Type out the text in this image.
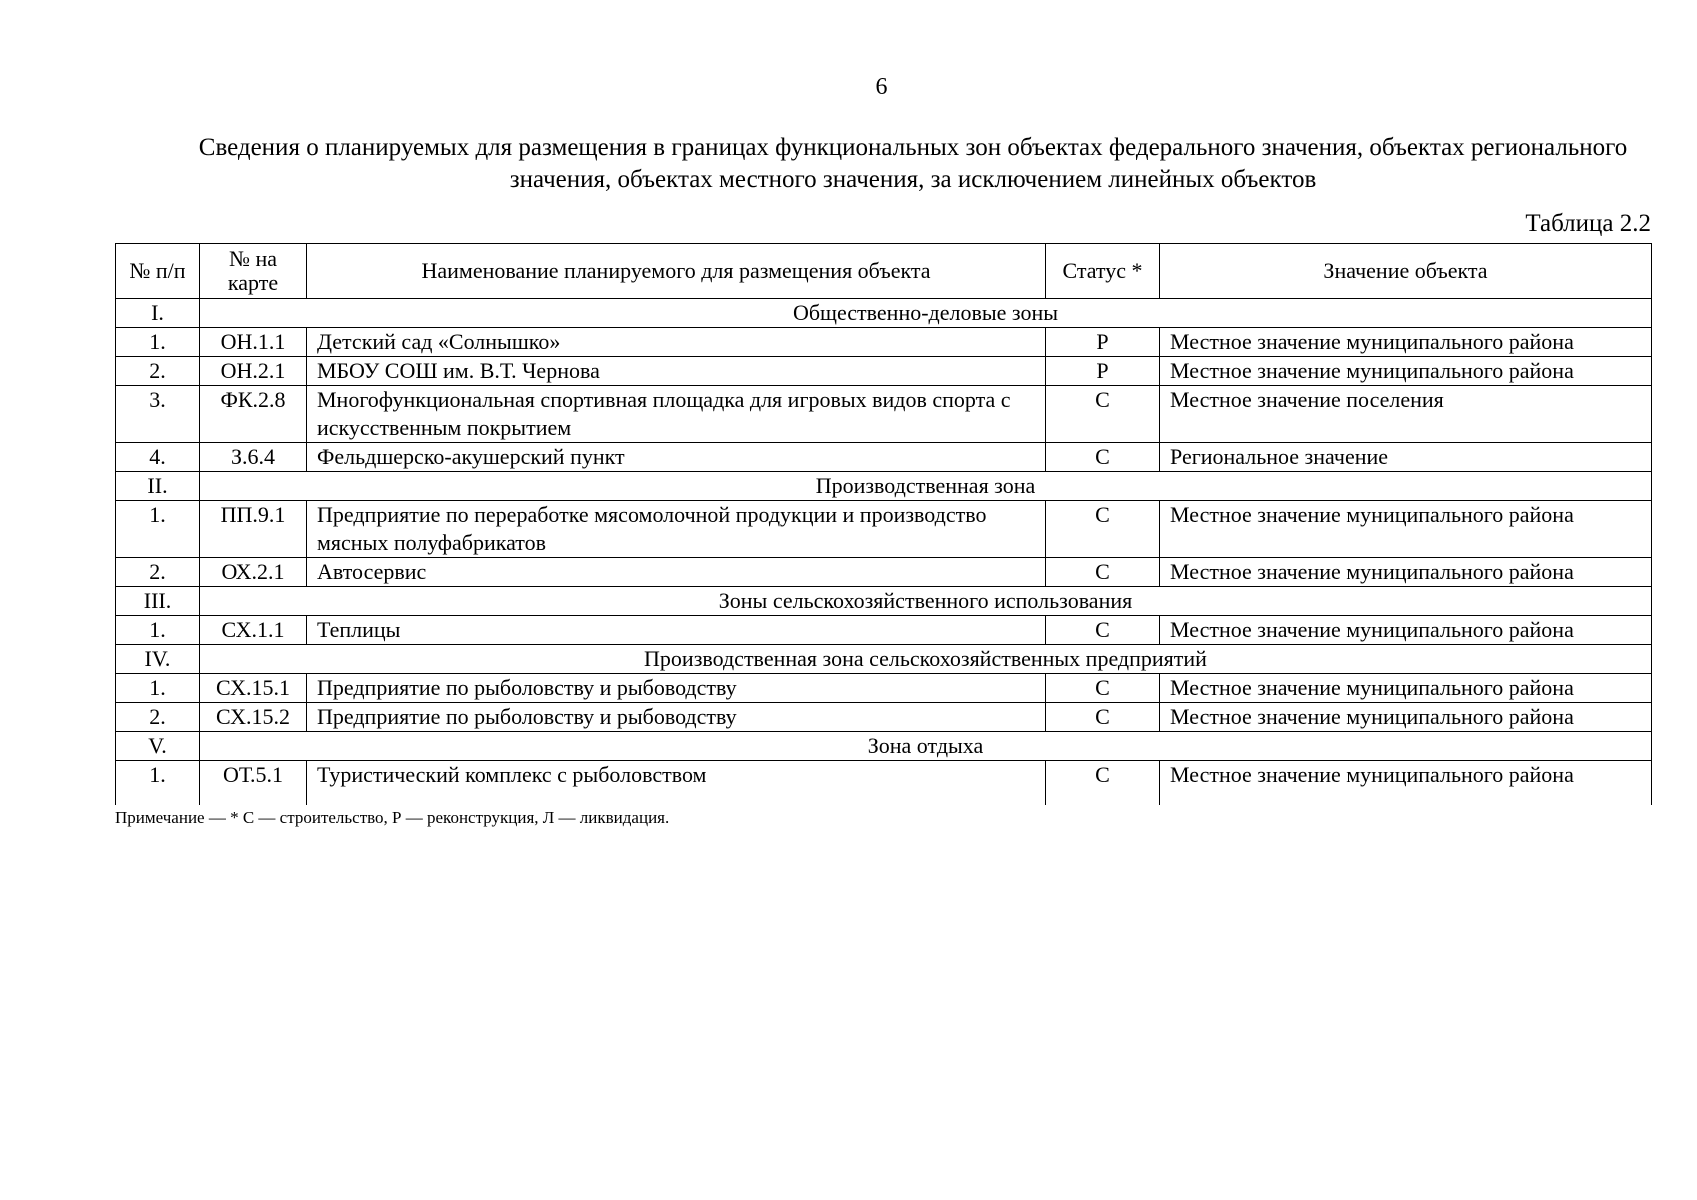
6
Сведения о планируемых для размещения в границах функциональных зон объектах федерального значения, объектах регионального значения, объектах местного значения, за исключением линейных объектов
Таблица 2.2
№ п/п	№ на карте	Наименование планируемого для размещения объекта	Статус *	Значение объекта
I.	Общественно-деловые зоны			
1.	ОН.1.1	Детский сад «Солнышко»	Р	Местное значение муниципального района
2.	ОН.2.1	МБОУ СОШ им. В.Т. Чернова	Р	Местное значение муниципального района
3.	ФК.2.8	Многофункциональная спортивная площадка для игровых видов спорта с искусственным покрытием	С	Местное значение поселения
4.	З.6.4	Фельдшерско-акушерский пункт	С	Региональное значение
II.	Производственная зона			
1.	ПП.9.1	Предприятие по переработке мясомолочной продукции и производство мясных полуфабрикатов	С	Местное значение муниципального района
2.	ОХ.2.1	Автосервис	С	Местное значение муниципального района
III.	Зоны сельскохозяйственного использования			
1.	СХ.1.1	Теплицы	С	Местное значение муниципального района
IV.	Производственная зона сельскохозяйственных предприятий			
1.	СХ.15.1	Предприятие по рыболовству и рыбоводству	С	Местное значение муниципального района
2.	СХ.15.2	Предприятие по рыболовству и рыбоводству	С	Местное значение муниципального района
V.	Зона отдыха			
1.	ОТ.5.1	Туристический комплекс с рыболовством	С	Местное значение муниципального района
Примечание — * С — строительство, Р — реконструкция, Л — ликвидация.
